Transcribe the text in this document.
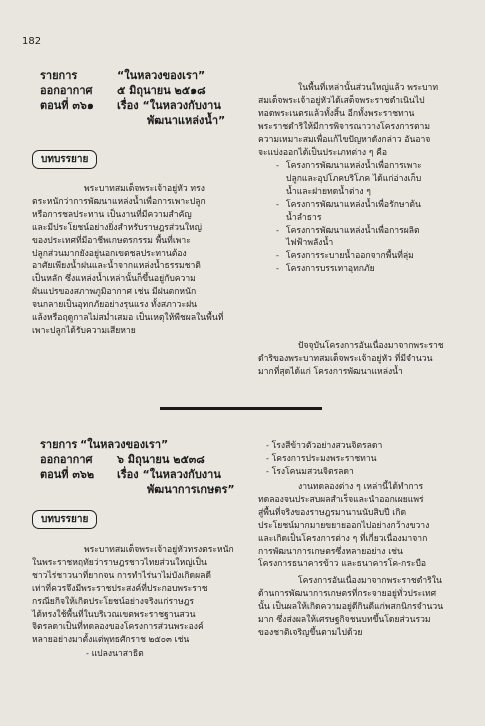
182
รายการ	“ในหลวงของเรา”
ออกอากาศ ๕ มิถุนายน ๒๕๑๘
ตอนที่ ๓๖๑ เรื่อง “ในหลวงกับงาน
พัฒนาแหล่งน้ำ”
บทบรรยาย
พระบาทสมเด็จพระเจ้าอยู่หัว ทรง
ตระหนักว่าการพัฒนาแหล่งน้ำเพื่อการเพาะปลูก
หรือการชลประทาน เป็นงานที่มีความสำคัญ
และมีประโยชน์อย่างยิ่งสำหรับราษฎรส่วนใหญ่
ของประเทศที่มีอาชีพเกษตรกรรม พื้นที่เพาะ
ปลูกส่วนมากยังอยู่นอกเขตชลประทานต้อง
อาศัยเพียงน้ำฝนและน้ำจากแหล่งน้ำธรรมชาติ
เป็นหลัก ซึ่งแหล่งน้ำเหล่านั้นก็ขึ้นอยู่กับความ
ผันแปรของสภาพภูมิอากาศ เช่น มีฝนตกหนัก
จนกลายเป็นอุทกภัยอย่างรุนแรง ทั้งสภาวะฝน
แล้งหรือฤดูกาลไม่สม่ำเสมอ เป็นเหตุให้พืชผลในพื้นที่
เพาะปลูกได้รับความเสียหาย
ในพื้นที่เหล่านั้นส่วนใหญ่แล้ว พระบาท
สมเด็จพระเจ้าอยู่หัวได้เสด็จพระราชดำเนินไป
ทอดพระเนตรแล้วทั้งสิ้น อีกทั้งพระราชทาน
พระราชดำริให้มีการพิจารณาวางโครงการตาม
ความเหมาะสมเพื่อแก้ไขปัญหาดังกล่าว อันอาจ
จะแบ่งออกได้เป็นประเภทต่าง ๆ คือ
- โครงการพัฒนาแหล่งน้ำเพื่อการเพาะ
ปลูกและอุปโภคบริโภค ได้แก่อ่างเก็บ
น้ำและฝายทดน้ำต่าง ๆ
- โครงการพัฒนาแหล่งน้ำเพื่อรักษาต้น
น้ำลำธาร
- โครงการพัฒนาแหล่งน้ำเพื่อการผลิต
ไฟฟ้าพลังน้ำ
- โครงการระบายน้ำออกจากพื้นที่ลุ่ม
- โครงการบรรเทาอุทกภัย
ปัจจุบันโครงการอันเนื่องมาจากพระราช
ดำริของพระบาทสมเด็จพระเจ้าอยู่หัว ที่มีจำนวน
มากที่สุดได้แก่ โครงการพัฒนาแหล่งน้ำ
รายการ “ในหลวงของเรา”
ออกอากาศ ๖ มิถุนายน ๒๕๓๘
ตอนที่ ๓๖๒ เรื่อง “ในหลวงกับงาน
พัฒนาการเกษตร”
บทบรรยาย
พระบาทสมเด็จพระเจ้าอยู่หัวทรงตระหนัก
ในพระราชหฤทัยว่าราษฎรชาวไทยส่วนใหญ่เป็น
ชาวไร่ชาวนาที่ยากจน การทำไร่นาไม่บังเกิดผลดี
เท่าที่ควรจึงมีพระราชประสงค์ที่ประกอบพระราช
กรณียกิจให้เกิดประโยชน์อย่างจริงแก่ราษฎร
ได้ทรงใช้พื้นที่ในบริเวณเขตพระราชฐานสวน
จิตรลดาเป็นที่ทดลองของโครงการส่วนพระองค์
หลายอย่างมาตั้งแต่พุทธศักราช ๒๕๐๓ เช่น

- แปลงนาสาธิต

- โรงสีข้าวตัวอย่างสวนจิตรลดา
- โครงการประมงพระราชทาน
- โรงโคนมสวนจิตรลดา
งานทดลองต่าง ๆ เหล่านี้ได้ทำการ
ทดลองจนประสบผลสำเร็จและนำออกเผยแพร่
สู่พื้นที่จริงของราษฎรมานานนับสิบปี เกิด
ประโยชน์มากมายขยายออกไปอย่างกว้างขวาง
และเกิดเป็นโครงการต่าง ๆ ที่เกี่ยวเนื่องมาจาก
การพัฒนาการเกษตรซึ่งหลายอย่าง เช่น
โครงการธนาคารข้าว และธนาคารโค-กระบือ
โครงการอันเนื่องมาจากพระราชดำริใน
ด้านการพัฒนาการเกษตรที่กระจายอยู่ทั่วประเทศ
นั้น เป็นผลให้เกิดความอยู่ดีกินดีแก่พสกนิกรจำนวน
มาก ซึ่งส่งผลให้เศรษฐกิจชนบทขึ้นโดยส่วนรวม
ของชาติเจริญขึ้นตามไปด้วย
